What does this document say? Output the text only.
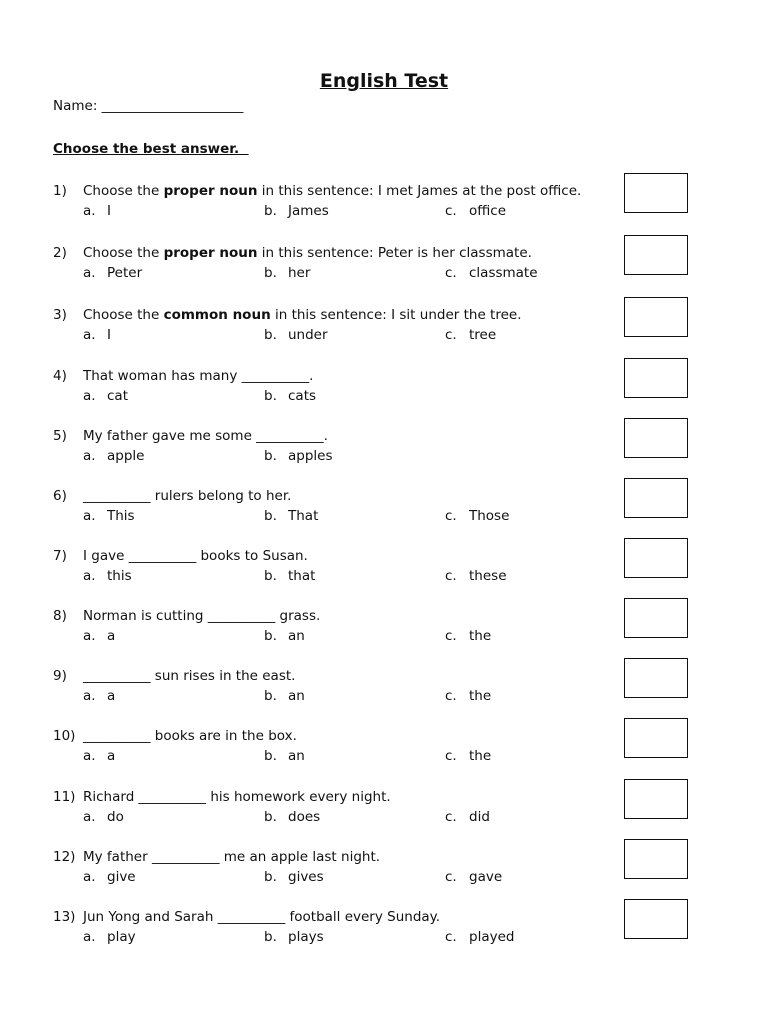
English Test
Name: _____________________
Choose the best answer.
1) Choose the proper noun in this sentence: I met James at the post office.
a. I	b. James	c. office
2) Choose the proper noun in this sentence: Peter is her classmate.
a. Peter	b. her	c. classmate
3) Choose the common noun in this sentence: I sit under the tree.
a. I	b. under	c. tree
4) That woman has many __________.
a. cat	b. cats
5) My father gave me some __________.
a. apple	b. apples
6) __________ rulers belong to her.
a. This	b. That	c. Those
7) I gave __________ books to Susan.
a. this	b. that	c. these
8) Norman is cutting __________ grass.
a. a	b. an	c. the
9) __________ sun rises in the east.
a. a	b. an	c. the
10) __________ books are in the box.
a. a	b. an	c. the
11) Richard __________ his homework every night.
a. do	b. does	c. did
12) My father __________ me an apple last night.
a. give	b. gives	c. gave
13) Jun Yong and Sarah __________ football every Sunday.
a. play	b. plays	c. played
